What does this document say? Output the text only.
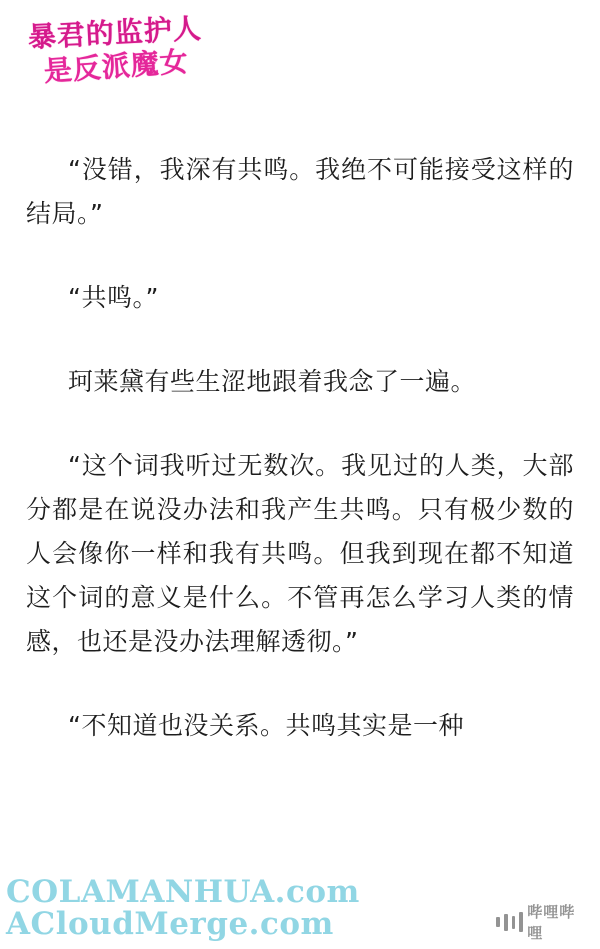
暴君的监护人
是反派魔女

“没错，我深有共鸣。我绝不可能接受这样的结局。”

“共鸣。”

珂莱黛有些生涩地跟着我念了一遍。

“这个词我听过无数次。我见过的人类，大部分都是在说没办法和我产生共鸣。只有极少数的人会像你一样和我有共鸣。但我到现在都不知道这个词的意义是什么。不管再怎么学习人类的情感，也还是没办法理解透彻。”

“不知道也没关系。共鸣其实是一种

COLAMANHUA.com
ACloudMerge.com	哔哩哔哩
